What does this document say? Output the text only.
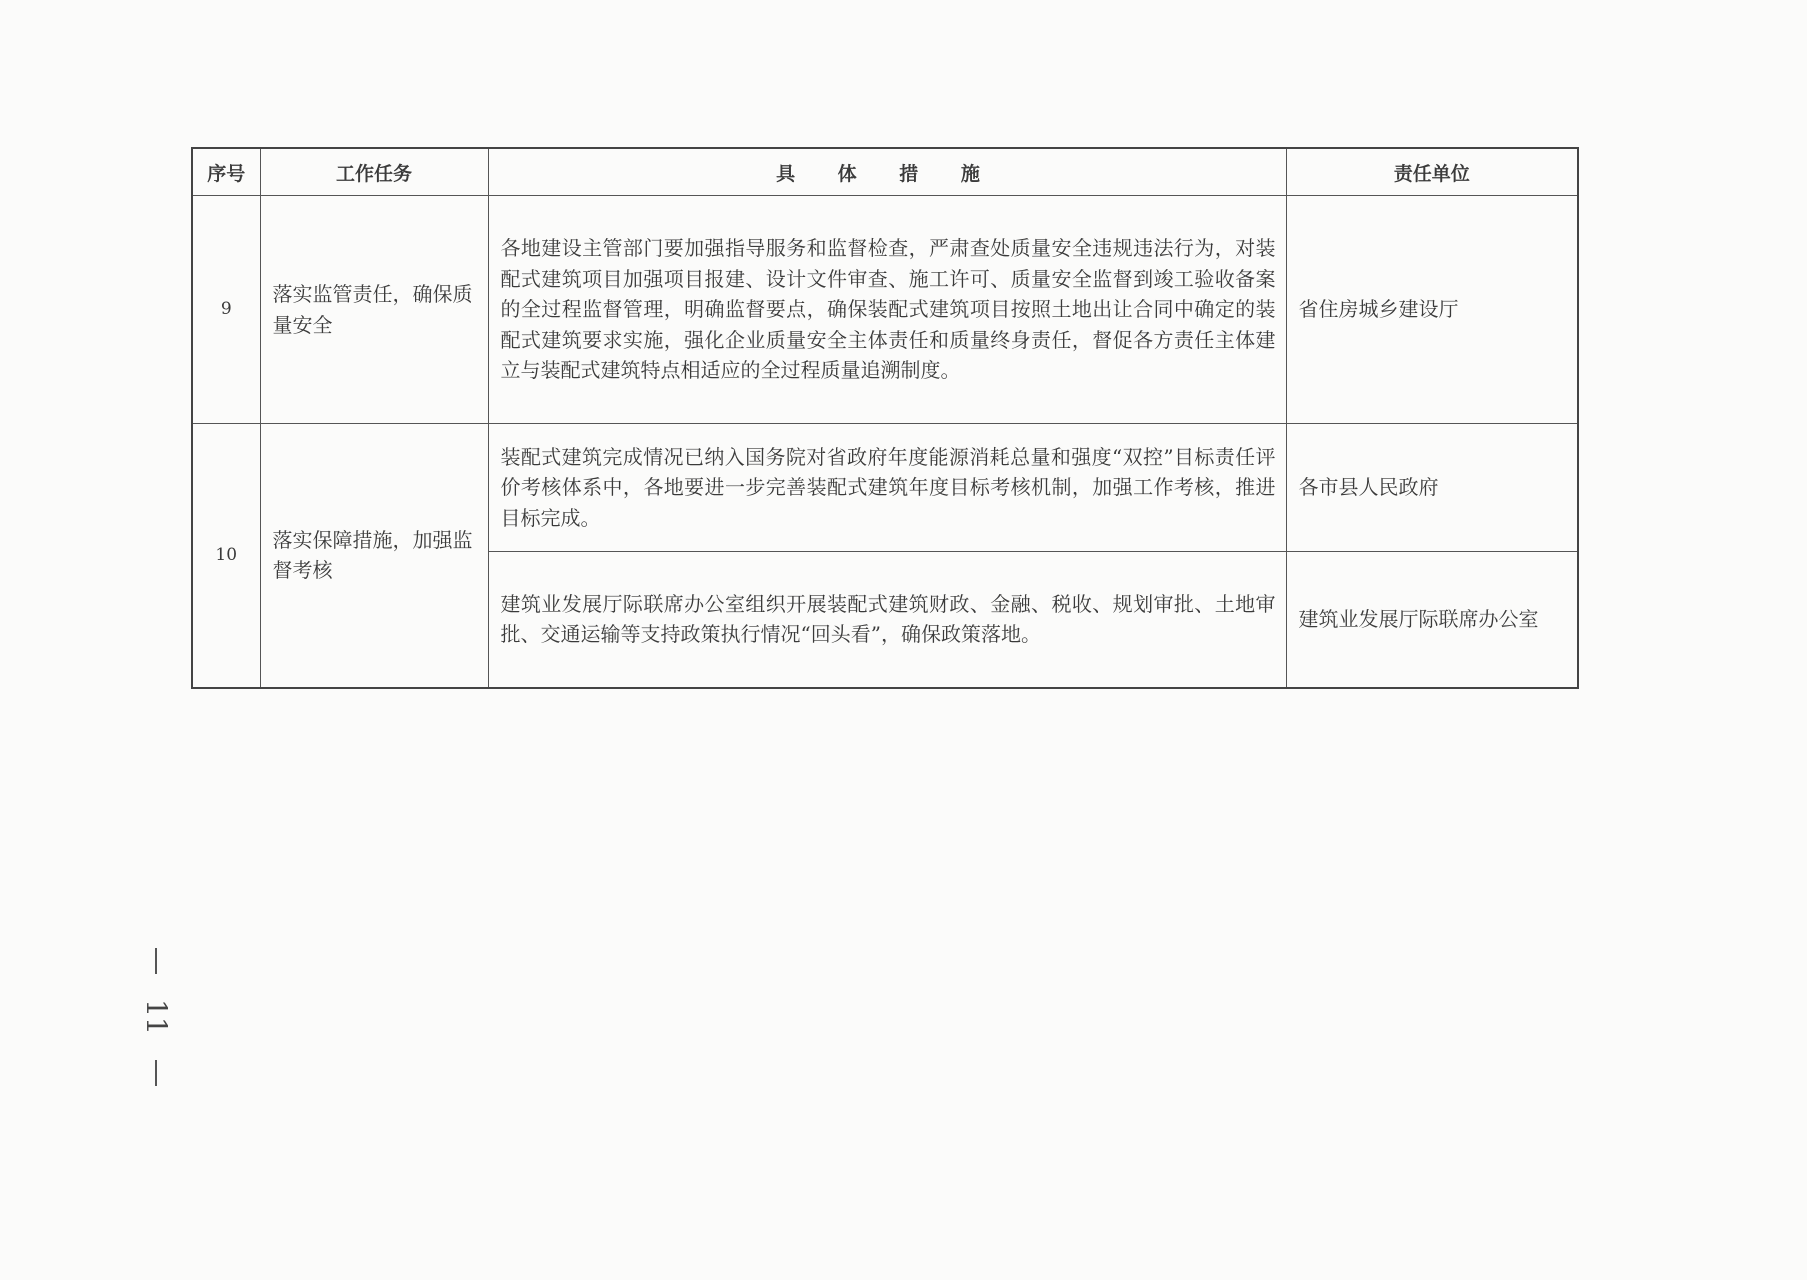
序号	工作任务	具 体 措 施	责任单位
9	落实监管责任，确保质量安全	各地建设主管部门要加强指导服务和监督检查，严肃查处质量安全违规违法行为，对装配式建筑项目加强项目报建、设计文件审查、施工许可、质量安全监督到竣工验收备案的全过程监督管理，明确监督要点，确保装配式建筑项目按照土地出让合同中确定的装配式建筑要求实施，强化企业质量安全主体责任和质量终身责任，督促各方责任主体建立与装配式建筑特点相适应的全过程质量追溯制度。	省住房城乡建设厅
10	落实保障措施，加强监督考核	装配式建筑完成情况已纳入国务院对省政府年度能源消耗总量和强度“双控”目标责任评价考核体系中，各地要进一步完善装配式建筑年度目标考核机制，加强工作考核，推进目标完成。	各市县人民政府
		建筑业发展厅际联席办公室组织开展装配式建筑财政、金融、税收、规划审批、土地审批、交通运输等支持政策执行情况“回头看”，确保政策落地。	建筑业发展厅际联席办公室
11
